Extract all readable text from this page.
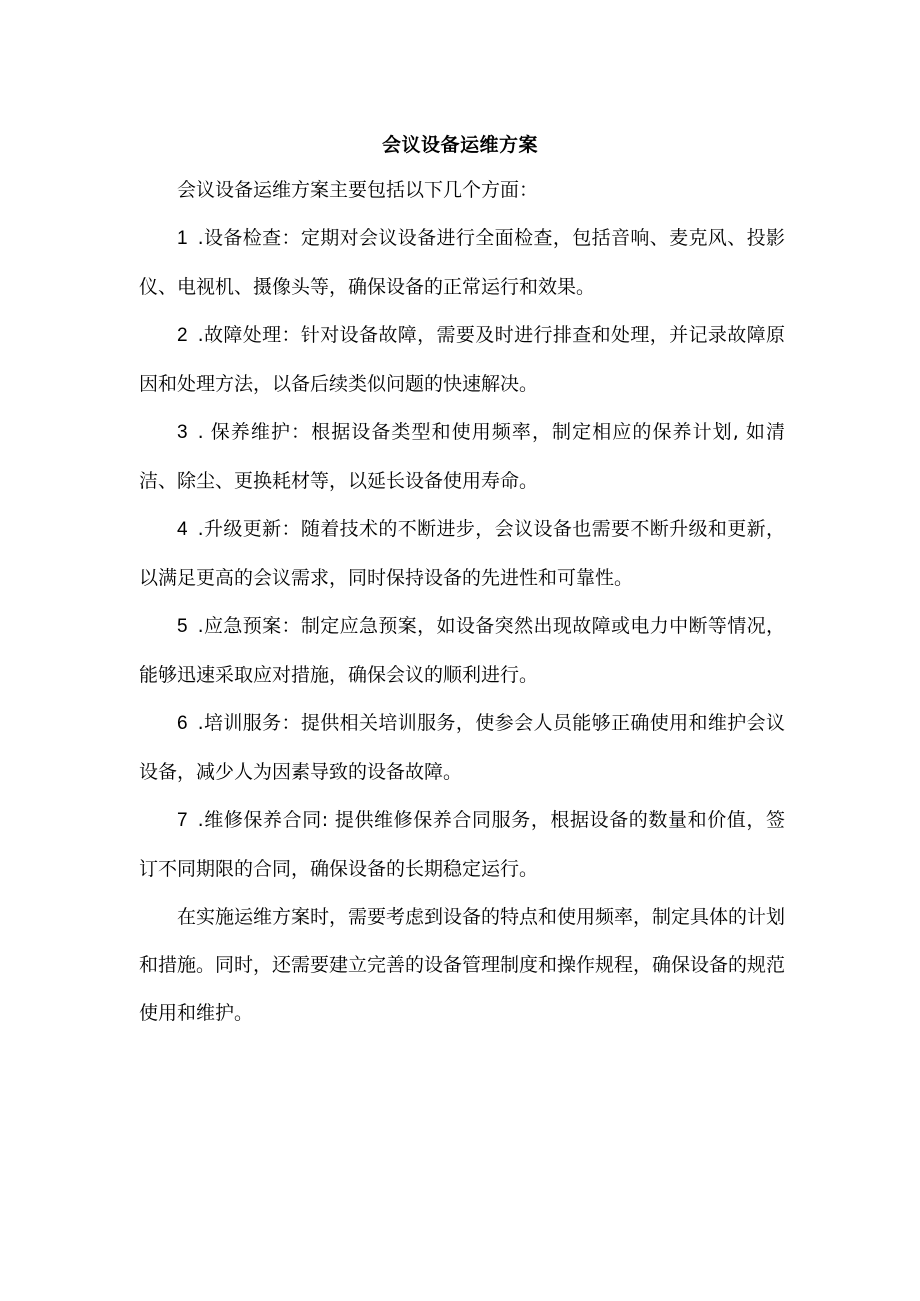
会议设备运维方案

会议设备运维方案主要包括以下几个方面：

1 .设备检查：定期对会议设备进行全面检查，包括音响、麦克风、投影仪、电视机、摄像头等，确保设备的正常运行和效果。

2 .故障处理：针对设备故障，需要及时进行排查和处理，并记录故障原因和处理方法，以备后续类似问题的快速解决。

3 . 保养维护：根据设备类型和使用频率，制定相应的保养计划, 如清洁、除尘、更换耗材等，以延长设备使用寿命。

4 .升级更新：随着技术的不断进步，会议设备也需要不断升级和更新，以满足更高的会议需求，同时保持设备的先进性和可靠性。

5 .应急预案：制定应急预案，如设备突然出现故障或电力中断等情况，能够迅速采取应对措施，确保会议的顺利进行。

6 .培训服务：提供相关培训服务，使参会人员能够正确使用和维护会议设备，减少人为因素导致的设备故障。

7 .维修保养合同: 提供维修保养合同服务，根据设备的数量和价值，签订不同期限的合同，确保设备的长期稳定运行。

在实施运维方案时，需要考虑到设备的特点和使用频率，制定具体的计划和措施。同时，还需要建立完善的设备管理制度和操作规程，确保设备的规范使用和维护。
